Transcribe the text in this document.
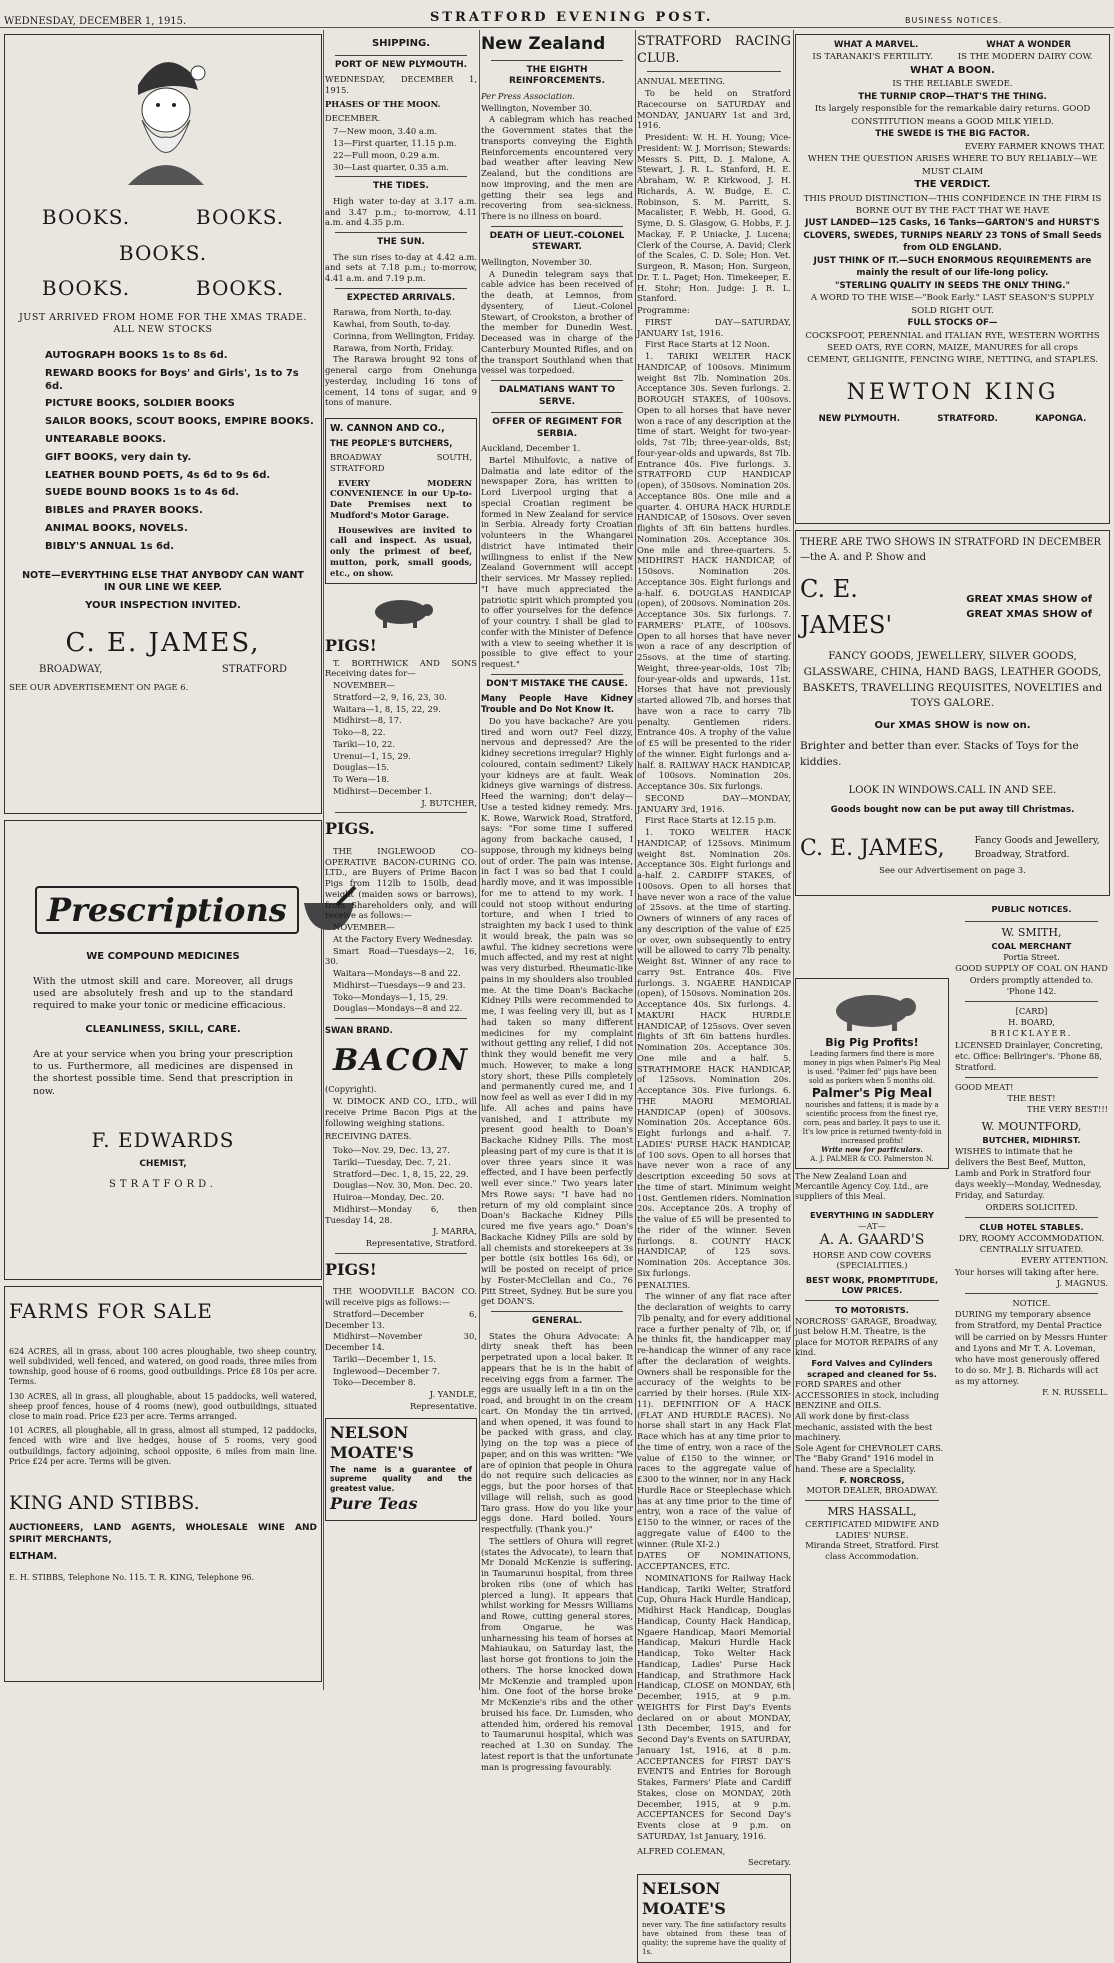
WEDNESDAY, DECEMBER 1, 1915.	STRATFORD EVENING POST.	BUSINESS NOTICES.
BOOKS.	BOOKS.
BOOKS.
BOOKS.	BOOKS.

JUST ARRIVED FROM HOME FOR THE XMAS TRADE. ALL NEW STOCKS

AUTOGRAPH BOOKS 1s to 8s 6d.
REWARD BOOKS for Boys' and Girls', 1s to 7s 6d.
PICTURE BOOKS, SOLDIER BOOKS
SAILOR BOOKS, SCOUT BOOKS, EMPIRE BOOKS.
UNTEARABLE BOOKS.
GIFT BOOKS, very dain ty.
LEATHER BOUND POETS, 4s 6d to 9s 6d.
SUEDE BOUND BOOKS 1s to 4s 6d.
BIBLES and PRAYER BOOKS.
ANIMAL BOOKS, NOVELS.
BIBLY'S ANNUAL 1s 6d.

NOTE—EVERYTHING ELSE THAT ANYBODY CAN WANT IN OUR LINE WE KEEP.

YOUR INSPECTION INVITED.

C. E. JAMES,

BROADWAY,	STRATFORD

SEE OUR ADVERTISEMENT ON PAGE 6.

Prescriptions

WE COMPOUND MEDICINES

With the utmost skill and care. Moreover, all drugs used are absolutely fresh and up to the standard required to make your tonic or medicine efficacious.

CLEANLINESS, SKILL, CARE.

Are at your service when you bring your prescription to us. Furthermore, all medicines are dispensed in the shortest possible time. Send that prescription in now.

F. EDWARDS

CHEMIST,

STRATFORD.

FARMS FOR SALE

624 ACRES, all in grass, about 100 acres ploughable, two sheep country, well subdivided, well fenced, and watered, on good roads, three miles from township, good house of 6 rooms, good outbuildings. Price £8 10s per acre. Terms.

130 ACRES, all in grass, all ploughable, about 15 paddocks, well watered, sheep proof fences, house of 4 rooms (new), good outbuildings, situated close to main road. Price £23 per acre. Terms arranged.

101 ACRES, all ploughable, all in grass, almost all stumped, 12 paddocks, fenced with wire and live hedges, house of 5 rooms, very good outbuildings, factory adjoining, school opposite, 6 miles from main line. Price £24 per acre. Terms will be given.

KING AND STIBBS.

AUCTIONEERS, LAND AGENTS, WHOLESALE WINE AND SPIRIT MERCHANTS,

ELTHAM.

E. H. STIBBS, Telephone No. 115. T. R. KING, Telephone 96.

SHIPPING.
PORT OF NEW PLYMOUTH.

WEDNESDAY, DECEMBER 1, 1915.

PHASES OF THE MOON.

DECEMBER.

7—New moon, 3.40 a.m.

13—First quarter, 11.15 p.m.

22—Full moon, 0.29 a.m.

30—Last quarter, 0.35 a.m.

THE TIDES.

High water to-day at 3.17 a.m. and 3.47 p.m.; to-morrow, 4.11 a.m. and 4.35 p.m.

THE SUN.

The sun rises to-day at 4.42 a.m. and sets at 7.18 p.m.; to-morrow, 4.41 a.m. and 7.19 p.m.

EXPECTED ARRIVALS.

Rarawa, from North, to-day.

Kawhai, from South, to-day.

Corinna, from Wellington, Friday.

Rarawa, from North, Friday.

The Rarawa brought 92 tons of general cargo from Onehunga yesterday, including 16 tons of cement, 14 tons of sugar, and 9 tons of manure.

W. CANNON AND CO.,

THE PEOPLE'S BUTCHERS,

BROADWAY SOUTH, STRATFORD

EVERY MODERN CONVENIENCE in our Up-to-Date Premises next to Mudford's Motor Garage.

Housewives are invited to call and inspect. As usual, only the primest of beef, mutton, pork, small goods, etc., on show.

PIGS!

T. BORTHWICK AND SONS Receiving dates for—

NOVEMBER—

Stratford—2, 9, 16, 23, 30.

Waitara—1, 8, 15, 22, 29.

Midhirst—8, 17.

Toko—8, 22.

Tariki—10, 22.

Urenui—1, 15, 29.

Douglas—15.

To Wera—18.

Midhirst—December 1.

J. BUTCHER,

PIGS.

THE INGLEWOOD CO-OPERATIVE BACON-CURING CO. LTD., are Buyers of Prime Bacon Pigs from 112lb to 150lb, dead weight (maiden sows or barrows), from Shareholders only, and will receive as follows:—

NOVEMBER—

At the Factory Every Wednesday.

Smart Road—Tuesdays—2, 16, 30.

Waitara—Mondays—8 and 22.

Midhirst—Tuesdays—9 and 23.

Toko—Mondays—1, 15, 29.

Douglas—Mondays—8 and 22.

SWAN BRAND.

BACON

(Copyright).

W. DIMOCK AND CO., LTD., will receive Prime Bacon Pigs at the following weighing stations.

RECEIVING DATES.

Toko—Nov. 29, Dec. 13, 27.

Tariki—Tuesday, Dec. 7, 21.

Stratford—Dec. 1, 8, 15, 22, 29.

Douglas—Nov. 30, Mon. Dec. 20.

Huiroa—Monday, Dec. 20.

Midhirst—Monday 6, then Tuesday 14, 28.

J. MARRA,

Representative, Stratford.

PIGS!

THE WOODVILLE BACON CO. will receive pigs as follows:—

Stratford—December 6, December 13.

Midhirst—November 30, December 14.

Tariki—December 1, 15.

Inglewood—December 7.

Toko—December 8.

J. YANDLE,

Representative.

NELSON MOATE'S

The name is a guarantee of supreme quality and the greatest value.

Pure Teas

New Zealand

THE EIGHTH REINFORCEMENTS.

Per Press Association.

Wellington, November 30.

A cablegram which has reached the Government states that the transports conveying the Eighth Reinforcements encountered very bad weather after leaving New Zealand, but the conditions are now improving, and the men are getting their sea legs and recovering from sea-sickness. There is no illness on board.

DEATH OF LIEUT.-COLONEL STEWART.

Wellington, November 30.

A Dunedin telegram says that cable advice has been received of the death, at Lemnos, from dysentery, of Lieut.-Colonel Stewart, of Crookston, a brother of the member for Dunedin West. Deceased was in charge of the Canterbury Mounted Rifles, and on the transport Southland when that vessel was torpedoed.

DALMATIANS WANT TO SERVE.
OFFER OF REGIMENT FOR SERBIA.

Auckland, December 1.

Bartel Mihulfovic, a native of Dalmatia and late editor of the newspaper Zora, has written to Lord Liverpool urging that a special Croatian regiment be formed in New Zealand for service in Serbia. Already forty Croatian volunteers in the Whangarei district have intimated their willingness to enlist if the New Zealand Government will accept their services. Mr Massey replied: "I have much appreciated the patriotic spirit which prompted you to offer yourselves for the defence of your country. I shall be glad to confer with the Minister of Defence with a view to seeing whether it is possible to give effect to your request."

DON'T MISTAKE THE CAUSE.

Many People Have Kidney Trouble and Do Not Know It.

Do you have backache? Are you tired and worn out? Feel dizzy, nervous and depressed? Are the kidney secretions irregular? Highly coloured, contain sediment? Likely your kidneys are at fault. Weak kidneys give warnings of distress. Heed the warning; don't delay—Use a tested kidney remedy. Mrs. K. Rowe, Warwick Road, Stratford, says: "For some time I suffered agony from backache caused, I suppose, through my kidneys being out of order. The pain was intense, in fact I was so bad that I could hardly move, and it was impossible for me to attend to my work. I could not stoop without enduring torture, and when I tried to straighten my back I used to think it would break, the pain was so awful. The kidney secretions were much affected, and my rest at night was very disturbed. Rheumatic-like pains in my shoulders also troubled me. At the time Doan's Backache Kidney Pills were recommended to me, I was feeling very ill, but as I had taken so many different medicines for my complaint without getting any relief, I did not think they would benefit me very much. However, to make a long story short, these Pills completely and permanently cured me, and I now feel as well as ever I did in my life. All aches and pains have vanished, and I attribute my present good health to Doan's Backache Kidney Pills. The most pleasing part of my cure is that it is over three years since it was effected, and I have been perfectly well ever since." Two years later Mrs Rowe says: "I have had no return of my old complaint since Doan's Backache Kidney Pills cured me five years ago." Doan's Backache Kidney Pills are sold by all chemists and storekeepers at 3s per bottle (six bottles 16s 6d), or will be posted on receipt of price by Foster-McClellan and Co., 76 Pitt Street, Sydney. But be sure you get DOAN'S.

GENERAL.

States the Ohura Advocate: A dirty sneak theft has been perpetrated upon a local baker. It appears that he is in the habit of receiving eggs from a farmer. The eggs are usually left in a tin on the road, and brought in on the cream cart. On Monday the tin arrived, and when opened, it was found to be packed with grass, and clay, lying on the top was a piece of paper, and on this was written: "We are of opinion that people in Ohura do not require such delicacies as eggs, but the poor horses of that village will relish, such as good Taro grass. How do you like your eggs done. Hard boiled. Yours respectfully. (Thank you.)"

The settlers of Ohura will regret (states the Advocate), to learn that Mr Donald McKenzie is suffering, in Taumarunui hospital, from three broken ribs (one of which has pierced a lung). It appears that whilst working for Messrs Williams and Rowe, cutting general stores, from Ongarue, he was unharnessing his team of horses at Mahiaukau, on Saturday last, the last horse got frontions to join the others. The horse knocked down Mr McKenzie and trampled upon him. One foot of the horse broke Mr McKenzie's ribs and the other bruised his face. Dr. Lumsden, who attended him, ordered his removal to Taumarunui hospital, which was reached at 1.30 on Sunday. The latest report is that the unfortunate man is progressing favourably.

STRATFORD RACING CLUB.

ANNUAL MEETING.

To be held on Stratford Racecourse on SATURDAY and MONDAY, JANUARY 1st and 3rd, 1916.

President: W. H. H. Young; Vice-President: W. J. Morrison; Stewards: Messrs S. Pitt, D. J. Malone, A. Stewart, J. R. L. Stanford, H. E. Abraham, W. P. Kirkwood, J. H. Richards, A. W. Budge, E. C. Robinson, S. M. Parritt, S. Macalister, F. Webb, H. Good, G. Syme, D. S. Glasgow, G. Hobbs, F. J. Mackay, F. P. Uniacke, J. Lucena; Clerk of the Course, A. David; Clerk of the Scales, C. D. Sole; Hon. Vet. Surgeon, R. Mason; Hon. Surgeon, Dr. T. L. Paget; Hon. Timekeeper, E. H. Stohr; Hon. Judge: J. R. L. Stanford.

Programme:

FIRST DAY—SATURDAY, JANUARY 1st, 1916.

First Race Starts at 12 Noon.

1. TARIKI WELTER HACK HANDICAP, of 100sovs. Minimum weight 8st 7lb. Nomination 20s. Acceptance 30s. Seven furlongs. 2. BOROUGH STAKES, of 100sovs. Open to all horses that have never won a race of any description at the time of start. Weight for two-year-olds, 7st 7lb; three-year-olds, 8st; four-year-olds and upwards, 8st 7lb. Entrance 40s. Five furlongs. 3. STRATFORD CUP HANDICAP (open), of 350sovs. Nomination 20s. Acceptance 80s. One mile and a quarter. 4. OHURA HACK HURDLE HANDICAP, of 150sovs. Over seven flights of 3ft 6in battens hurdles. Nomination 20s. Acceptance 30s. One mile and three-quarters. 5. MIDHIRST HACK HANDICAP, of 150sovs. Nomination 20s. Acceptance 30s. Eight furlongs and a-half. 6. DOUGLAS HANDICAP (open), of 200sovs. Nomination 20s. Acceptance 30s. Six furlongs. 7. FARMERS' PLATE, of 100sovs. Open to all horses that have never won a race of any description of 25sovs. at the time of starting. Weight, three-year-olds, 10st 7lb; four-year-olds and upwards, 11st. Horses that have not previously started allowed 7lb, and horses that have won a race to carry 7lb penalty. Gentlemen riders. Entrance 40s. A trophy of the value of £5 will be presented to the rider of the winner. Eight furlongs and a-half. 8. RAILWAY HACK HANDICAP, of 100sovs. Nomination 20s. Acceptance 30s. Six furlongs.

SECOND DAY—MONDAY, JANUARY 3rd, 1916.

First Race Starts at 12.15 p.m.

1. TOKO WELTER HACK HANDICAP, of 125sovs. Minimum weight 8st. Nomination 20s. Acceptance 30s. Eight furlongs and a-half. 2. CARDIFF STAKES, of 100sovs. Open to all horses that have never won a race of the value of 25sovs. at the time of starting. Owners of winners of any races of any description of the value of £25 or over, own subsequently to entry will be allowed to carry 7lb penalty. Weight 8st. Winner of any race to carry 9st. Entrance 40s. Five furlongs. 3. NGAERE HANDICAP (open), of 150sovs. Nomination 20s. Acceptance 40s. Six furlongs. 4. MAKURI HACK HURDLE HANDICAP, of 125sovs. Over seven flights of 3ft 6in battens hurdles. Nomination 20s. Acceptance 30s. One mile and a half. 5. STRATHMORE HACK HANDICAP, of 125sovs. Nomination 20s. Acceptance 30s. Five furlongs. 6. THE MAORI MEMORIAL HANDICAP (open) of 300sovs. Nomination 20s. Acceptance 60s. Eight furlongs and a-half. 7. LADIES' PURSE HACK HANDICAP, of 100 sovs. Open to all horses that have never won a race of any description exceeding 50 sovs at the time of start. Minimum weight 10st. Gentlemen riders. Nomination 20s. Acceptance 20s. A trophy of the value of £5 will be presented to the rider of the winner. Seven furlongs. 8. COUNTY HACK HANDICAP, of 125 sovs. Nomination 20s. Acceptance 30s. Six furlongs.

PENALTIES.

The winner of any flat race after the declaration of weights to carry 7lb penalty, and for every additional race a further penalty of 7lb, or, if he thinks fit, the handicapper may re-handicap the winner of any race after the declaration of weights. Owners shall be responsible for the accuracy of the weights to be carried by their horses. (Rule XIX-11). DEFINITION OF A HACK (FLAT AND HURDLE RACES). No horse shall start in any Hack Flat Race which has at any time prior to the time of entry, won a race of the value of £150 to the winner, or races to the aggregate value of £300 to the winner, nor in any Hack Hurdle Race or Steeplechase which has at any time prior to the time of entry, won a race of the value of £150 to the winner, or races of the aggregate value of £400 to the winner. (Rule XI-2.)

DATES OF NOMINATIONS, ACCEPTANCES, ETC.

NOMINATIONS for Railway Hack Handicap, Tariki Welter, Stratford Cup, Ohura Hack Hurdle Handicap, Midhirst Hack Handicap, Douglas Handicap, County Hack Handicap, Ngaere Handicap, Maori Memorial Handicap, Makuri Hurdle Hack Handicap, Toko Welter Hack Handicap, Ladies' Purse Hack Handicap, and Strathmore Hack Handicap, CLOSE on MONDAY, 6th December, 1915, at 9 p.m. WEIGHTS for First Day's Events declared on or about MONDAY, 13th December, 1915, and for Second Day's Events on SATURDAY, January 1st, 1916, at 8 p.m. ACCEPTANCES for FIRST DAY'S EVENTS and Entries for Borough Stakes, Farmers' Plate and Cardiff Stakes, close on MONDAY, 20th December, 1915, at 9 p.m. ACCEPTANCES for Second Day's Events close at 9 p.m. on SATURDAY, 1st January, 1916.

ALFRED COLEMAN,

Secretary.

NELSON MOATE'S

never vary. The fine satisfactory results have obtained from these teas of quality; the supreme have the quality of 1s.

WHAT A MARVEL.	WHAT A WONDER
IS TARANAKI'S FERTILITY.	IS THE MODERN DAIRY COW.

WHAT A BOON.

IS THE RELIABLE SWEDE.

THE TURNIP CROP—THAT'S THE THING.

Its largely responsible for the remarkable dairy returns. GOOD CONSTITUTION means a GOOD MILK YIELD.

THE SWEDE IS THE BIG FACTOR.

EVERY FARMER KNOWS THAT.

WHEN THE QUESTION ARISES WHERE TO BUY RELIABLY—WE MUST CLAIM

THE VERDICT.

THIS PROUD DISTINCTION—THIS CONFIDENCE IN THE FIRM IS BORNE OUT BY THE FACT THAT WE HAVE

JUST LANDED—125 Casks, 16 Tanks—GARTON'S and HURST'S CLOVERS, SWEDES, TURNIPS NEARLY 23 TONS of Small Seeds from OLD ENGLAND.

JUST THINK OF IT.—SUCH ENORMOUS REQUIREMENTS are mainly the result of our life-long policy.

"STERLING QUALITY IN SEEDS THE ONLY THING."

A WORD TO THE WISE—"Book Early." LAST SEASON'S SUPPLY SOLD RIGHT OUT.

FULL STOCKS OF—

COCKSFOOT, PERENNIAL and ITALIAN RYE, WESTERN WORTHS SEED OATS, RYE CORN, MAIZE, MANURES for all crops

CEMENT, GELIGNITE, FENCING WIRE, NETTING, and STAPLES.

NEWTON KING

NEW PLYMOUTH.	STRATFORD.	KAPONGA.

THERE ARE TWO SHOWS IN STRATFORD IN DECEMBER—the A. and P. Show and

C. E. JAMES'
GREAT XMAS SHOW of GREAT XMAS SHOW of

FANCY GOODS, JEWELLERY, SILVER GOODS, GLASSWARE, CHINA, HAND BAGS, LEATHER GOODS, BASKETS, TRAVELLING REQUISITES, NOVELTIES and TOYS GALORE.

Our XMAS SHOW is now on.

Brighter and better than ever. Stacks of Toys for the kiddies.

LOOK IN WINDOWS.CALL IN AND SEE.

Goods bought now can be put away till Christmas.

C. E. JAMES,	Fancy Goods and Jewellery, Broadway, Stratford.

See our Advertisement on page 3.

Big Pig Profits!

Leading farmers find there is more money in pigs when Palmer's Pig Meal is used. "Palmer fed" pigs have been sold as porkers when 5 months old.

Palmer's Pig Meal

nourishes and fattens; it is made by a scientific process from the finest rye, corn, peas and barley. It pays to use it. It's low price is returned twenty-fold in increased profits!

Write now for particulars.

A. J. PALMER & CO. Palmerston N.

The New Zealand Loan and Mercantile Agency Coy. Ltd., are suppliers of this Meal.

EVERYTHING IN SADDLERY

—AT—

A. A. GAARD'S

HORSE AND COW COVERS (SPECIALITIES.)

BEST WORK, PROMPTITUDE, LOW PRICES.

TO MOTORISTS.

NORCROSS' GARAGE, Broadway, just below H.M. Theatre, is the place for MOTOR REPAIRS of any kind.

Ford Valves and Cylinders scraped and cleaned for 5s.

FORD SPARES and other ACCESSORIES in stock, including BENZINE and OILS.

All work done by first-class mechanic, assisted with the best machinery.

Sole Agent for CHEVROLET CARS. The "Baby Grand" 1916 model in hand. These are a Speciality.

F. NORCROSS,

MOTOR DEALER, BROADWAY.

MRS HASSALL,

CERTIFICATED MIDWIFE AND LADIES' NURSE.

Miranda Street, Stratford. First class Accommodation.

PUBLIC NOTICES.

W. SMITH,

COAL MERCHANT

Portia Street.

GOOD SUPPLY OF COAL ON HAND

Orders promptly attended to.

'Phone 142.

[CARD]

H. BOARD,

BRICKLAYER.

LICENSED Drainlayer, Concreting, etc. Office: Bellringer's. 'Phone 88, Stratford.

GOOD MEAT!

THE BEST!

THE VERY BEST!!!

W. MOUNTFORD,

BUTCHER, MIDHIRST.

WISHES to intimate that he delivers the Best Beef, Mutton, Lamb and Pork in Stratford four days weekly—Monday, Wednesday, Friday, and Saturday.

ORDERS SOLICITED.

CLUB HOTEL STABLES.

DRY, ROOMY ACCOMMODATION.

CENTRALLY SITUATED.

EVERY ATTENTION.

Your horses will taking after here.

J. MAGNUS.

NOTICE.

DURING my temporary absence from Stratford, my Dental Practice will be carried on by Messrs Hunter and Lyons and Mr T. A. Loveman, who have most generously offered to do so. Mr J. B. Richards will act as my attorney.

F. N. RUSSELL.
